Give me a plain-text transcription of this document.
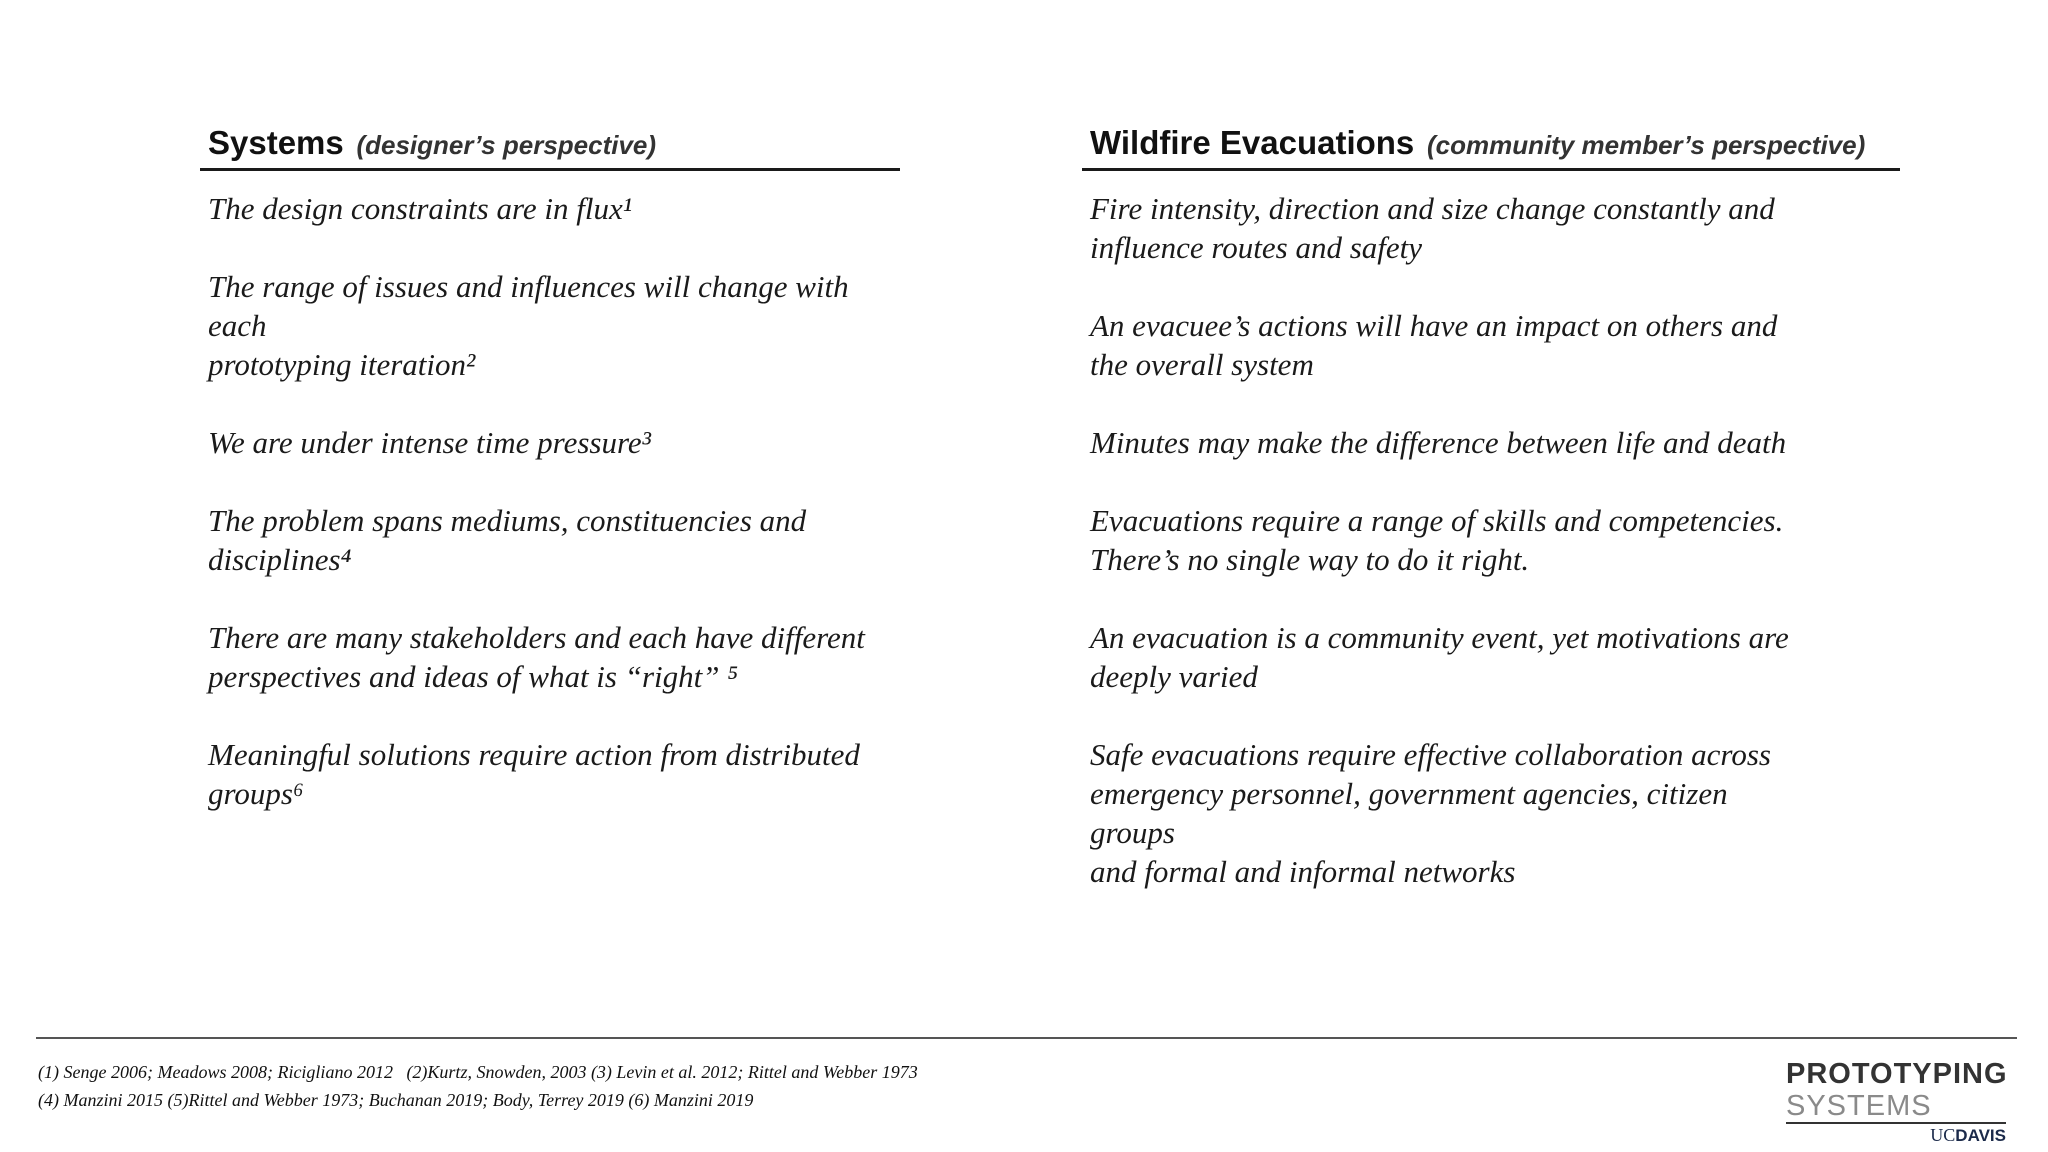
Systems (designer’s perspective)
The design constraints are in flux¹
The range of issues and influences will change with each
prototyping iteration²
We are under intense time pressure³
The problem spans mediums, constituencies and
disciplines⁴
There are many stakeholders and each have different
perspectives and ideas of what is “right” ⁵
Meaningful solutions require action from distributed
groups⁶
Wildfire Evacuations (community member’s perspective)
Fire intensity, direction and size change constantly and
influence routes and safety
An evacuee’s actions will have an impact on others and
the overall system
Minutes may make the difference between life and death
Evacuations require a range of skills and competencies.
There’s no single way to do it right.
An evacuation is a community event, yet motivations are
deeply varied
Safe evacuations require effective collaboration across
emergency personnel, government agencies, citizen groups
and formal and informal networks
(1) Senge 2006; Meadows 2008; Ricigliano 2012   (2)Kurtz, Snowden, 2003 (3) Levin et al. 2012; Rittel and Webber 1973
(4) Manzini 2015 (5)Rittel and Webber 1973; Buchanan 2019; Body, Terrey 2019 (6) Manzini 2019
PROTOTYPING
SYSTEMS
UCDAVIS
